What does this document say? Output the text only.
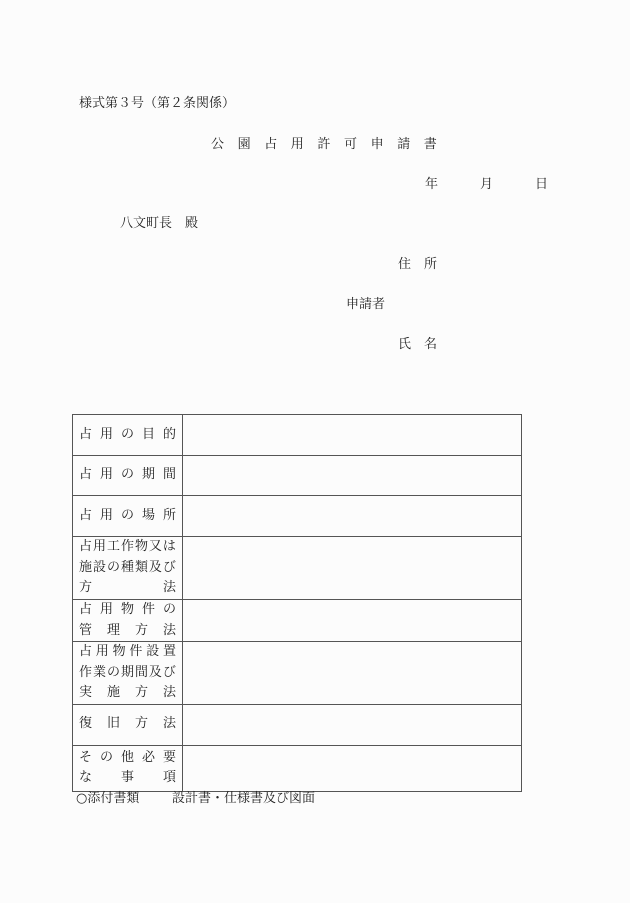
様式第３号（第２条関係）
公園占用許可申請書
年	月	日
八文町長　殿
住所
申請者
氏名
占 用 の 目 的	

占 用 の 期 間	

占 用 の 場 所	

占 用 工 作 物 又 は
施 設 の 種 類 及 び
方	法

占 用 物 件 の
管 理 方 法

占 用 物 件 設 置
作 業 の 期 間 及 び
実 施 方 法

復 旧 方 法	

そ の 他 必 要
な 事 項

○添付書類	設計書・仕様書及び図面
